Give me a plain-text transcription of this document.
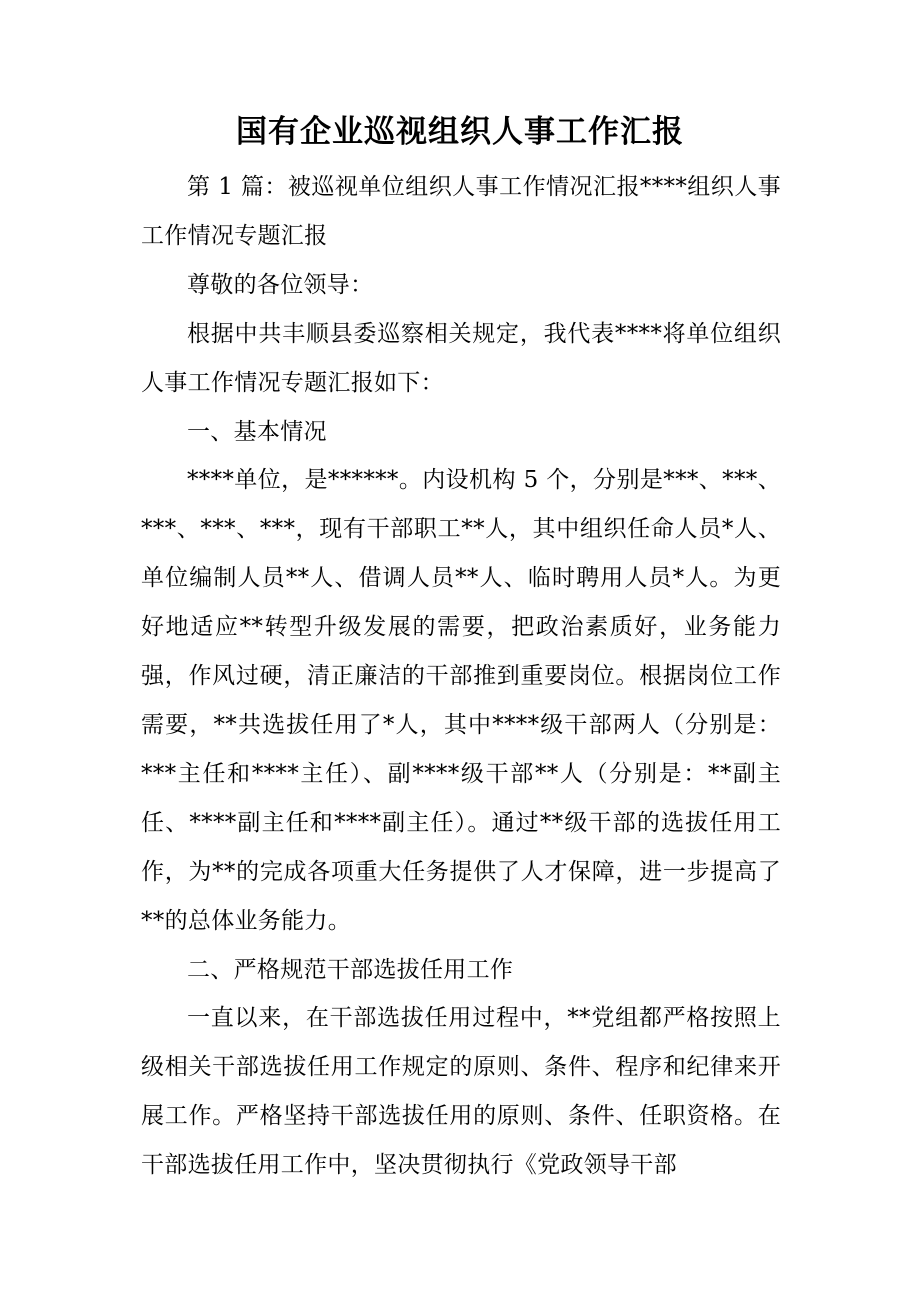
国有企业巡视组织人事工作汇报

第 1 篇：被巡视单位组织人事工作情况汇报****组织人事工作情况专题汇报

尊敬的各位领导：

根据中共丰顺县委巡察相关规定，我代表****将单位组织人事工作情况专题汇报如下：

一、基本情况

****单位，是******。内设机构 5 个，分别是***、***、***、***、***，现有干部职工**人，其中组织任命人员*人、单位编制人员**人、借调人员**人、临时聘用人员*人。为更好地适应**转型升级发展的需要，把政治素质好，业务能力强，作风过硬，清正廉洁的干部推到重要岗位。根据岗位工作需要，**共选拔任用了*人，其中****级干部两人（分别是：***主任和****主任）、副****级干部**人（分别是：**副主任、****副主任和****副主任）。通过**级干部的选拔任用工作，为**的完成各项重大任务提供了人才保障，进一步提高了**的总体业务能力。

二、严格规范干部选拔任用工作

一直以来，在干部选拔任用过程中，**党组都严格按照上级相关干部选拔任用工作规定的原则、条件、程序和纪律来开展工作。严格坚持干部选拔任用的原则、条件、任职资格。在干部选拔任用工作中，坚决贯彻执行《党政领导干部
